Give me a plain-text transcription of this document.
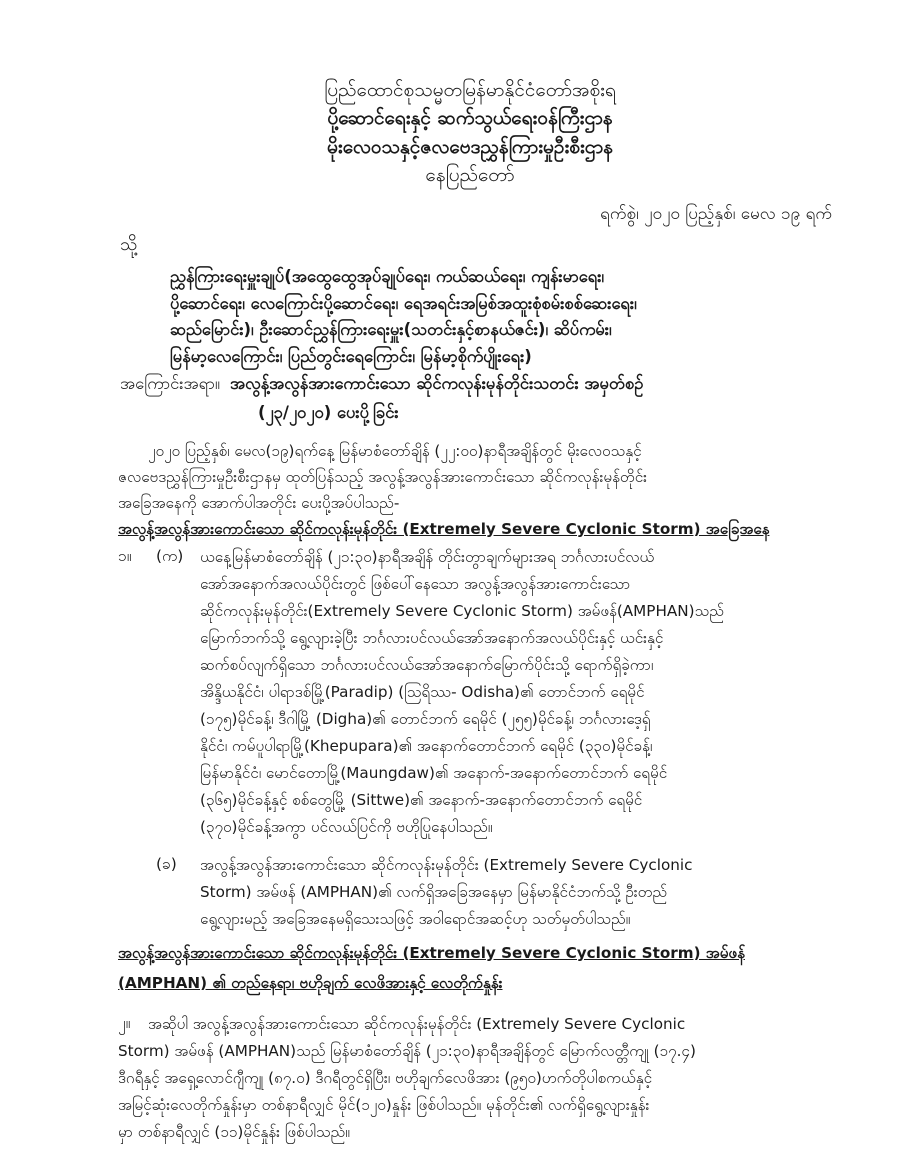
ပြည်ထောင်စုသမ္မတမြန်မာနိုင်ငံတော်အစိုးရ
ပို့ဆောင်ရေးနှင့် ဆက်သွယ်ရေးဝန်ကြီးဌာန
မိုးလေဝသနှင့်ဇလဗေဒညွှန်ကြားမှုဦးစီးဌာန
နေပြည်တော်
ရက်စွဲ၊ ၂၀၂၀ ပြည့်နှစ်၊ မေလ ၁၉ ရက်
သို့
ညွှန်ကြားရေးမှူးချုပ်(အထွေထွေအုပ်ချုပ်ရေး၊ ကယ်ဆယ်ရေး၊ ကျန်းမာရေး၊
ပို့ဆောင်ရေး၊ လေကြောင်းပို့ဆောင်ရေး၊ ရေအရင်းအမြစ်အထူးစုံစမ်းစစ်ဆေးရေး၊
ဆည်မြောင်း)၊ ဦးဆောင်ညွှန်ကြားရေးမှူး(သတင်းနှင့်စာနယ်ဇင်း)၊ ဆိပ်ကမ်း၊
မြန်မာ့လေကြောင်း၊ ပြည်တွင်းရေကြောင်း၊ မြန်မာ့စိုက်ပျိုးရေး)
အကြောင်းအရာ။ အလွန့်အလွန်အားကောင်းသော ဆိုင်ကလုန်းမုန်တိုင်းသတင်း အမှတ်စဉ်
(၂၃/၂၀၂၀) ပေးပို့ခြင်း
၂၀၂၀ ပြည့်နှစ်၊ မေလ(၁၉)ရက်နေ့ မြန်မာစံတော်ချိန် (၂၂:၀၀)နာရီအချိန်တွင် မိုးလေဝသနှင့်
ဇလဗေဒညွှန်ကြားမှုဦးစီးဌာနမှ ထုတ်ပြန်သည့် အလွန့်အလွန်အားကောင်းသော ဆိုင်ကလုန်းမုန်တိုင်း
အခြေအနေကို အောက်ပါအတိုင်း ပေးပို့အပ်ပါသည်-
အလွန့်အလွန်အားကောင်းသော ဆိုင်ကလုန်းမုန်တိုင်း (Extremely Severe Cyclonic Storm) အခြေအနေ
၁။ (က) ယနေ့မြန်မာစံတော်ချိန် (၂၁:၃၀)နာရီအချိန် တိုင်းတွာချက်များအရ ဘင်္ဂလားပင်လယ်
အော်အနောက်အလယ်ပိုင်းတွင် ဖြစ်ပေါ်နေသော အလွန့်အလွန်အားကောင်းသော
ဆိုင်ကလုန်းမုန်တိုင်း(Extremely Severe Cyclonic Storm) အမ်ဖန်(AMPHAN)သည်
မြောက်ဘက်သို့ ရွေ့လျားခဲ့ပြီး ဘင်္ဂလားပင်လယ်အော်အနောက်အလယ်ပိုင်းနှင့် ယင်းနှင့်
ဆက်စပ်လျက်ရှိသော ဘင်္ဂလားပင်လယ်အော်အနောက်မြောက်ပိုင်းသို့ ရောက်ရှိခဲ့ကာ၊
အိန္ဒိယနိုင်ငံ၊ ပါရာဒစ်မြို့(Paradip) (ဩရိဿ- Odisha)၏ တောင်ဘက် ရေမိုင်
(၁၇၅)မိုင်ခန့်၊ ဒီဂါမြို့ (Digha)၏ တောင်ဘက် ရေမိုင် (၂၅၅)မိုင်ခန့်၊ ဘင်္ဂလားဒေ့ရှ်
နိုင်ငံ၊ ကမ်ပူပါရာမြို့(Khepupara)၏ အနောက်တောင်ဘက် ရေမိုင် (၃၃၀)မိုင်ခန့်၊
မြန်မာနိုင်ငံ၊ မောင်တောမြို့(Maungdaw)၏ အနောက်-အနောက်တောင်ဘက် ရေမိုင်
(၃၆၅)မိုင်ခန့်နှင့် စစ်တွေမြို့ (Sittwe)၏ အနောက်-အနောက်တောင်ဘက် ရေမိုင်
(၃၇၀)မိုင်ခန့်အကွာ ပင်လယ်ပြင်ကို ဗဟိုပြုနေပါသည်။
(ခ) အလွန့်အလွန်အားကောင်းသော ဆိုင်ကလုန်းမုန်တိုင်း (Extremely Severe Cyclonic
Storm) အမ်ဖန် (AMPHAN)၏ လက်ရှိအခြေအနေမှာ မြန်မာနိုင်ငံဘက်သို့ ဦးတည်
ရွေ့လျားမည့် အခြေအနေမရှိသေးသဖြင့် အဝါရောင်အဆင့်ဟု သတ်မှတ်ပါသည်။
အလွန့်အလွန်အားကောင်းသော ဆိုင်ကလုန်းမုန်တိုင်း (Extremely Severe Cyclonic Storm) အမ်ဖန်
(AMPHAN) ၏ တည်နေရာ၊ ဗဟိုချက် လေဖိအားနှင့် လေတိုက်နှုန်း
၂။ အဆိုပါ အလွန့်အလွန်အားကောင်းသော ဆိုင်ကလုန်းမုန်တိုင်း (Extremely Severe Cyclonic
Storm) အမ်ဖန် (AMPHAN)သည် မြန်မာစံတော်ချိန် (၂၁:၃၀)နာရီအချိန်တွင် မြောက်လတ္တီကျု (၁၇.၄)
ဒီဂရီနှင့် အရှေ့လောင်ဂျီကျု (၈၇.၀) ဒီဂရီတွင်ရှိပြီး၊ ဗဟိုချက်လေဖိအား (၉၅၀)ဟက်တိုပါစကယ်နှင့်
အမြင့်ဆုံးလေတိုက်နှုန်းမှာ တစ်နာရီလျှင် မိုင်(၁၂၀)နှုန်း ဖြစ်ပါသည်။ မုန်တိုင်း၏ လက်ရှိရွေ့လျားနှုန်း
မှာ တစ်နာရီလျှင် (၁၁)မိုင်နှုန်း ဖြစ်ပါသည်။
